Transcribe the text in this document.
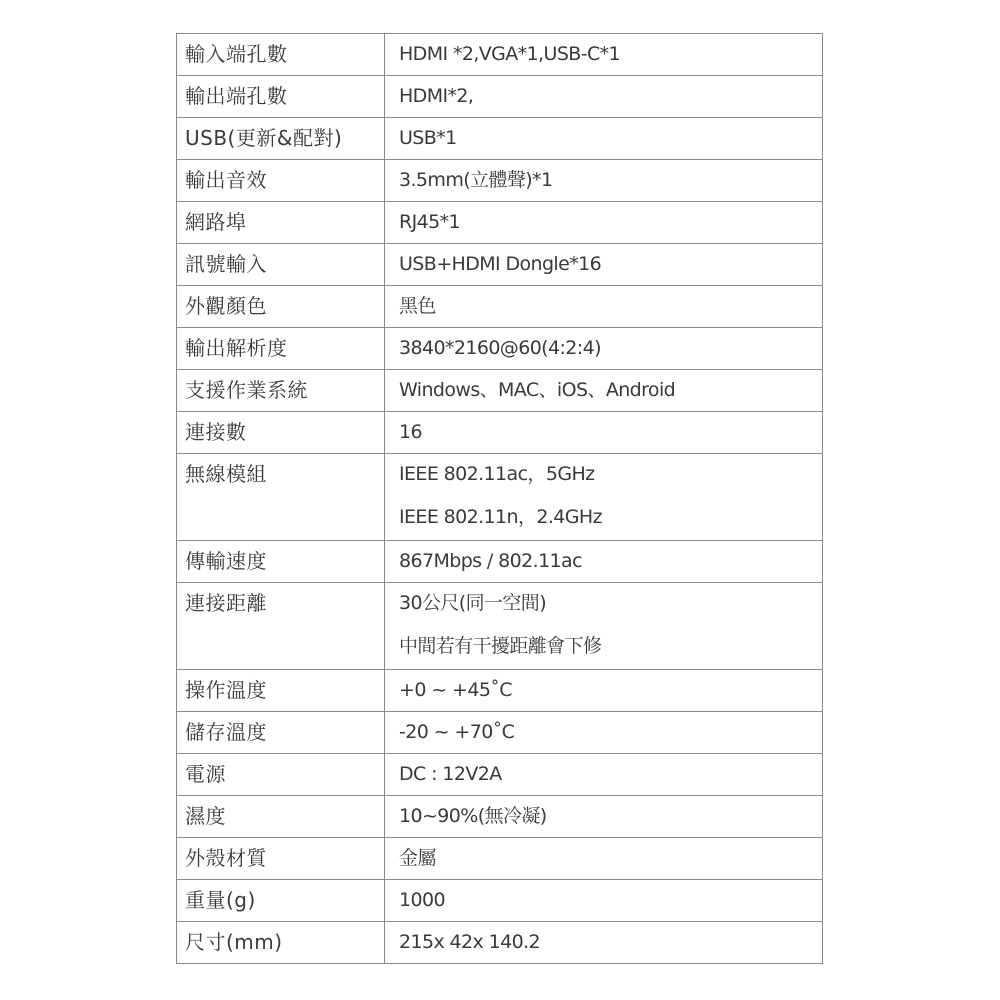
輸入端孔數	HDMI *2,VGA*1,USB-C*1
輸出端孔數	HDMI*2,
USB(更新&配對)	USB*1
輸出音效	3.5mm(立體聲)*1
網路埠	RJ45*1
訊號輸入	USB+HDMI Dongle*16
外觀顏色	黑色
輸出解析度	3840*2160@60(4:2:4)
支援作業系統	Windows、MAC、iOS、Android
連接數	16
無線模組	IEEE 802.11ac，5GHz
IEEE 802.11n，2.4GHz

傳輸速度	867Mbps / 802.11ac
連接距離	30公尺(同一空間)
中間若有干擾距離會下修

操作溫度	+0 ~ +45˚C
儲存溫度	-20 ~ +70˚C
電源	DC : 12V2A
濕度	10~90%(無冷凝)
外殼材質	金屬
重量(g)	1000
尺寸(mm)	215x 42x 140.2
